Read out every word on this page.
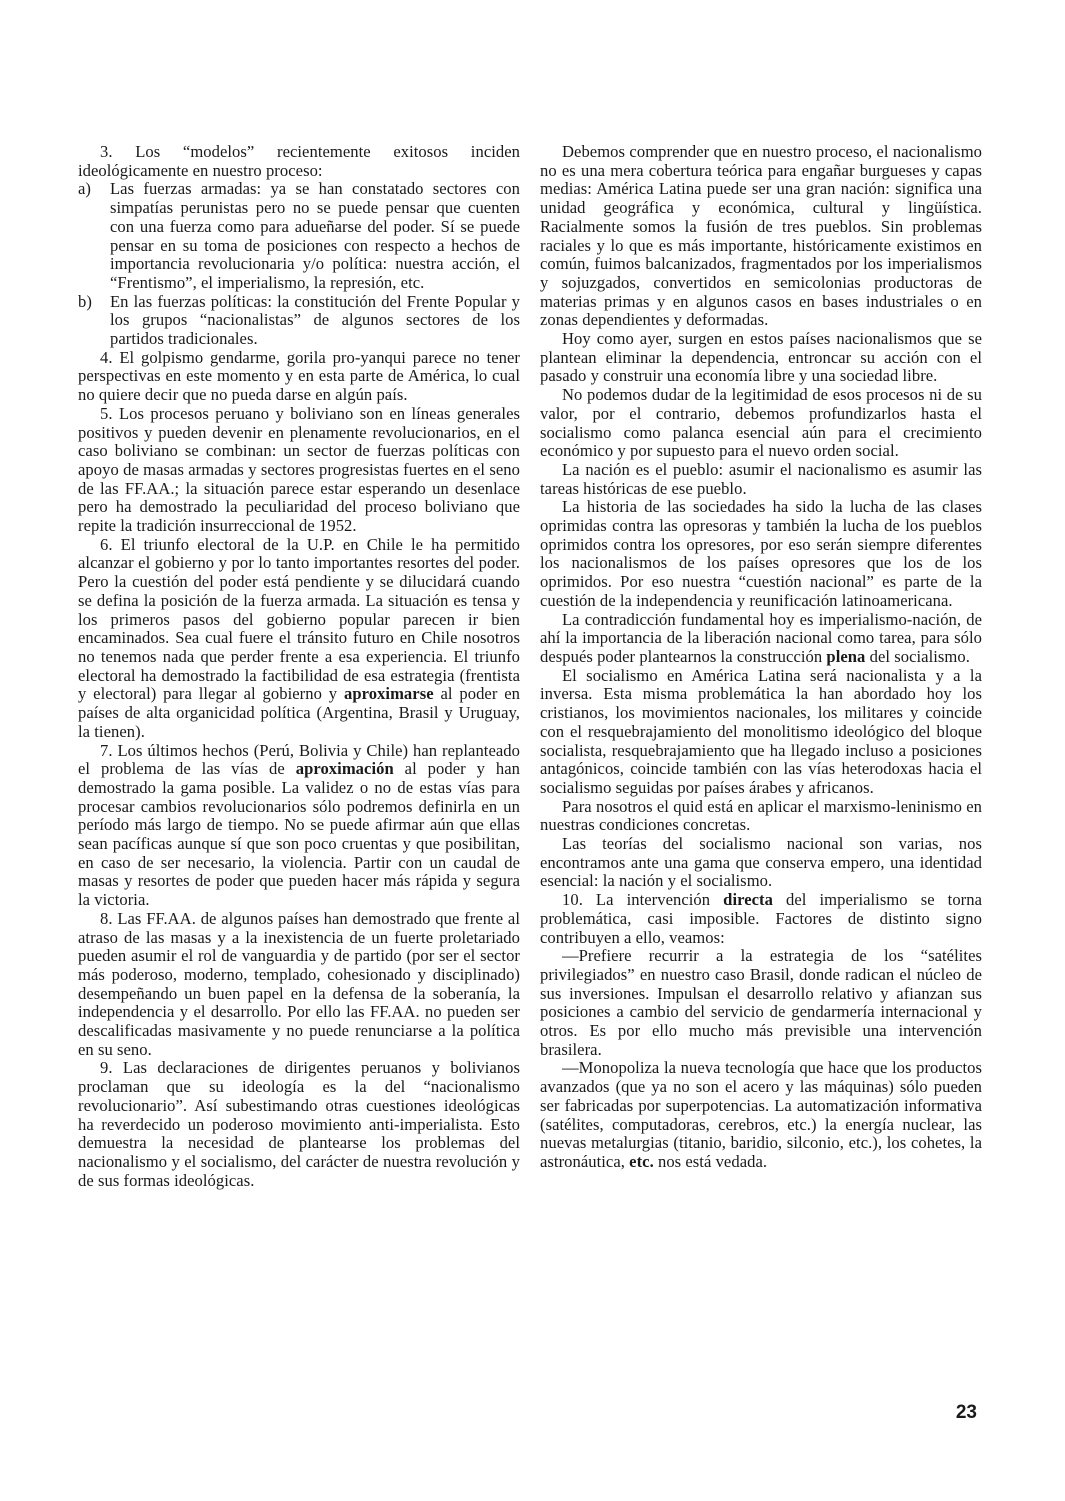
3. Los “modelos” recientemente exitosos inciden ideológicamente en nuestro proceso:

a)	Las fuerzas armadas: ya se han constatado sectores con simpatías perunistas pero no se puede pensar que cuenten con una fuerza como para adueñarse del poder. Sí se puede pensar en su toma de posiciones con respecto a hechos de importancia revolucionaria y/o política: nuestra acción, el “Frentismo”, el imperialismo, la represión, etc.
b)	En las fuerzas políticas: la constitución del Frente Popular y los grupos “nacionalistas” de algunos sectores de los partidos tradicionales.

4. El golpismo gendarme, gorila pro-yanqui parece no tener perspectivas en este momento y en esta parte de América, lo cual no quiere decir que no pueda darse en algún país.

5. Los procesos peruano y boliviano son en líneas generales positivos y pueden devenir en plenamente revolucionarios, en el caso boliviano se combinan: un sector de fuerzas políticas con apoyo de masas armadas y sectores progresistas fuertes en el seno de las FF.AA.; la situación parece estar esperando un desenlace pero ha demostrado la peculiaridad del proceso boliviano que repite la tradición insurreccional de 1952.

6. El triunfo electoral de la U.P. en Chile le ha permitido alcanzar el gobierno y por lo tanto importantes resortes del poder. Pero la cuestión del poder está pendiente y se dilucidará cuando se defina la posición de la fuerza armada. La situación es tensa y los primeros pasos del gobierno popular parecen ir bien encaminados. Sea cual fuere el tránsito futuro en Chile nosotros no tenemos nada que perder frente a esa experiencia. El triunfo electoral ha demostrado la factibilidad de esa estrategia (frentista y electoral) para llegar al gobierno y aproximarse al poder en países de alta organicidad política (Argentina, Brasil y Uruguay, la tienen).

7. Los últimos hechos (Perú, Bolivia y Chile) han replanteado el problema de las vías de aproximación al poder y han demostrado la gama posible. La validez o no de estas vías para procesar cambios revolucionarios sólo podremos definirla en un período más largo de tiempo. No se puede afirmar aún que ellas sean pacíficas aunque sí que son poco cruentas y que posibilitan, en caso de ser necesario, la violencia. Partir con un caudal de masas y resortes de poder que pueden hacer más rápida y segura la victoria.

8. Las FF.AA. de algunos países han demostrado que frente al atraso de las masas y a la inexistencia de un fuerte proletariado pueden asumir el rol de vanguardia y de partido (por ser el sector más poderoso, moderno, templado, cohesionado y disciplinado) desempeñando un buen papel en la defensa de la soberanía, la independencia y el desarrollo. Por ello las FF.AA. no pueden ser descalificadas masivamente y no puede renunciarse a la política en su seno.

9. Las declaraciones de dirigentes peruanos y bolivianos proclaman que su ideología es la del “nacionalismo revolucionario”. Así subestimando otras cuestiones ideológicas ha reverdecido un poderoso movimiento anti-imperialista. Esto demuestra la necesidad de plantearse los problemas del nacionalismo y el socialismo, del carácter de nuestra revolución y de sus formas ideológicas.

Debemos comprender que en nuestro proceso, el nacionalismo no es una mera cobertura teórica para engañar burgueses y capas medias: América Latina puede ser una gran nación: significa una unidad geográfica y económica, cultural y lingüística. Racialmente somos la fusión de tres pueblos. Sin problemas raciales y lo que es más importante, históricamente existimos en común, fuimos balcanizados, fragmentados por los imperialismos y sojuzgados, convertidos en semicolonias productoras de materias primas y en algunos casos en bases industriales o en zonas dependientes y deformadas.

Hoy como ayer, surgen en estos países nacionalismos que se plantean eliminar la dependencia, entroncar su acción con el pasado y construir una economía libre y una sociedad libre.

No podemos dudar de la legitimidad de esos procesos ni de su valor, por el contrario, debemos profundizarlos hasta el socialismo como palanca esencial aún para el crecimiento económico y por supuesto para el nuevo orden social.

La nación es el pueblo: asumir el nacionalismo es asumir las tareas históricas de ese pueblo.

La historia de las sociedades ha sido la lucha de las clases oprimidas contra las opresoras y también la lucha de los pueblos oprimidos contra los opresores, por eso serán siempre diferentes los nacionalismos de los países opresores que los de los oprimidos. Por eso nuestra “cuestión nacional” es parte de la cuestión de la independencia y reunificación latinoamericana.

La contradicción fundamental hoy es imperialismo-nación, de ahí la importancia de la liberación nacional como tarea, para sólo después poder plantearnos la construcción plena del socialismo.

El socialismo en América Latina será nacionalista y a la inversa. Esta misma problemática la han abordado hoy los cristianos, los movimientos nacionales, los militares y coincide con el resquebrajamiento del monolitismo ideológico del bloque socialista, resquebrajamiento que ha llegado incluso a posiciones antagónicos, coincide también con las vías heterodoxas hacia el socialismo seguidas por países árabes y africanos.

Para nosotros el quid está en aplicar el marxismo-leninismo en nuestras condiciones concretas.

Las teorías del socialismo nacional son varias, nos encontramos ante una gama que conserva empero, una identidad esencial: la nación y el socialismo.

10. La intervención directa del imperialismo se torna problemática, casi imposible. Factores de distinto signo contribuyen a ello, veamos:

—Prefiere recurrir a la estrategia de los “satélites privilegiados” en nuestro caso Brasil, donde radican el núcleo de sus inversiones. Impulsan el desarrollo relativo y afianzan sus posiciones a cambio del servicio de gendarmería internacional y otros. Es por ello mucho más previsible una intervención brasilera.

—Monopoliza la nueva tecnología que hace que los productos avanzados (que ya no son el acero y las máquinas) sólo pueden ser fabricadas por superpotencias. La automatización informativa (satélites, computadoras, cerebros, etc.) la energía nuclear, las nuevas metalurgias (titanio, baridio, silconio, etc.), los cohetes, la astronáutica, etc. nos está vedada.

23
